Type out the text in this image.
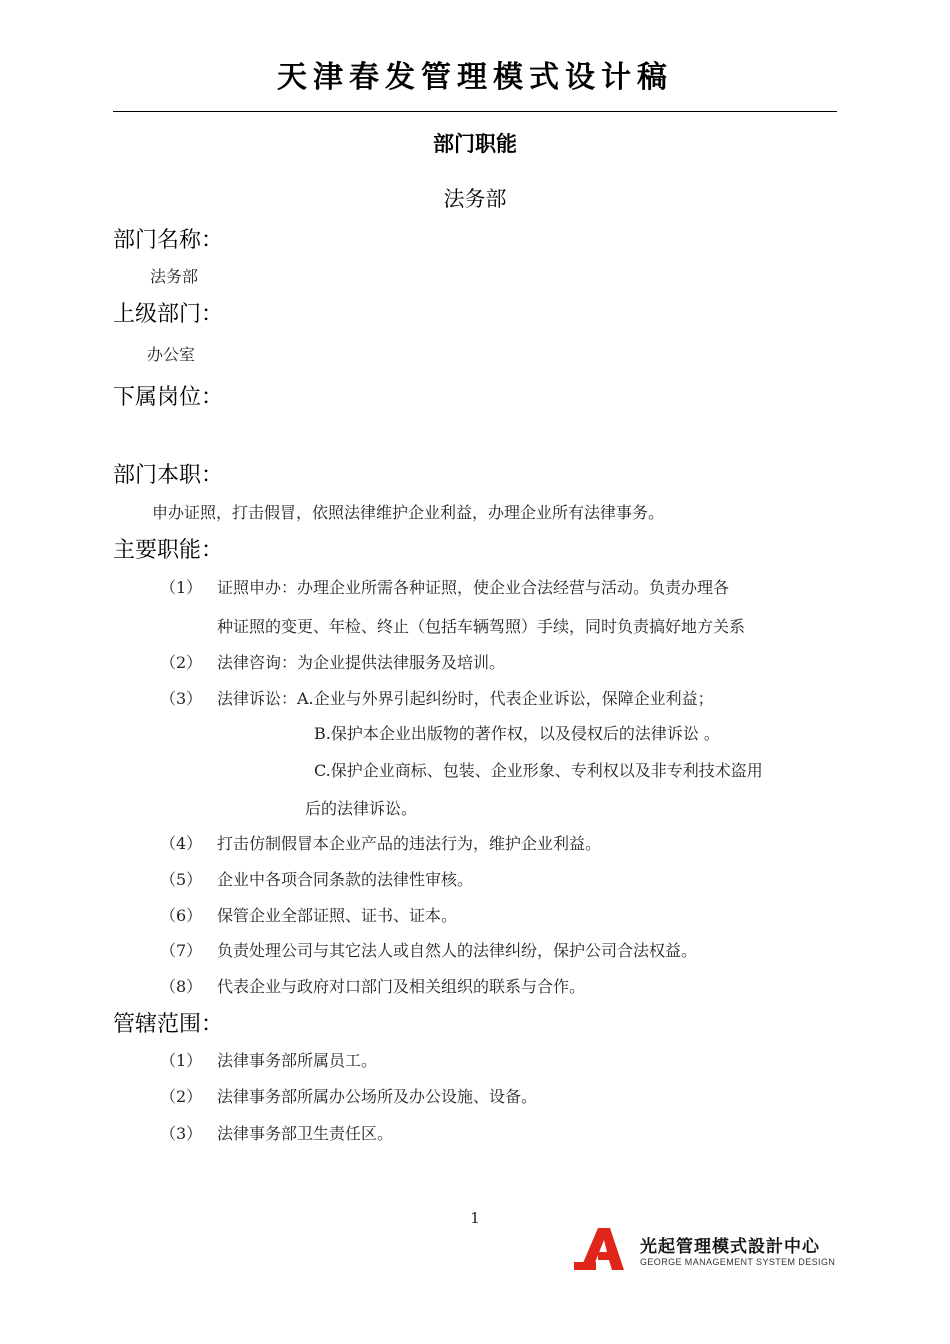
天津春发管理模式设计稿
部门职能
法务部
部门名称：
法务部
上级部门：
办公室
下属岗位：
部门本职：
申办证照，打击假冒，依照法律维护企业利益，办理企业所有法律事务。
主要职能：
（1） 证照申办：办理企业所需各种证照，使企业合法经营与活动。负责办理各
种证照的变更、年检、终止（包括车辆驾照）手续，同时负责搞好地方关系
（2） 法律咨询：为企业提供法律服务及培训。
（3） 法律诉讼：A.企业与外界引起纠纷时，代表企业诉讼，保障企业利益；
B.保护本企业出版物的著作权，以及侵权后的法律诉讼 。
C.保护企业商标、包装、企业形象、专利权以及非专利技术盗用
后的法律诉讼。
（4） 打击仿制假冒本企业产品的违法行为，维护企业利益。
（5） 企业中各项合同条款的法律性审核。
（6） 保管企业全部证照、证书、证本。
（7） 负责处理公司与其它法人或自然人的法律纠纷，保护公司合法权益。
（8） 代表企业与政府对口部门及相关组织的联系与合作。
管辖范围：
（1） 法律事务部所属员工。
（2） 法律事务部所属办公场所及办公设施、设备。
（3） 法律事务部卫生责任区。
1
光起管理模式設計中心
GEORGE MANAGEMENT SYSTEM DESIGN
